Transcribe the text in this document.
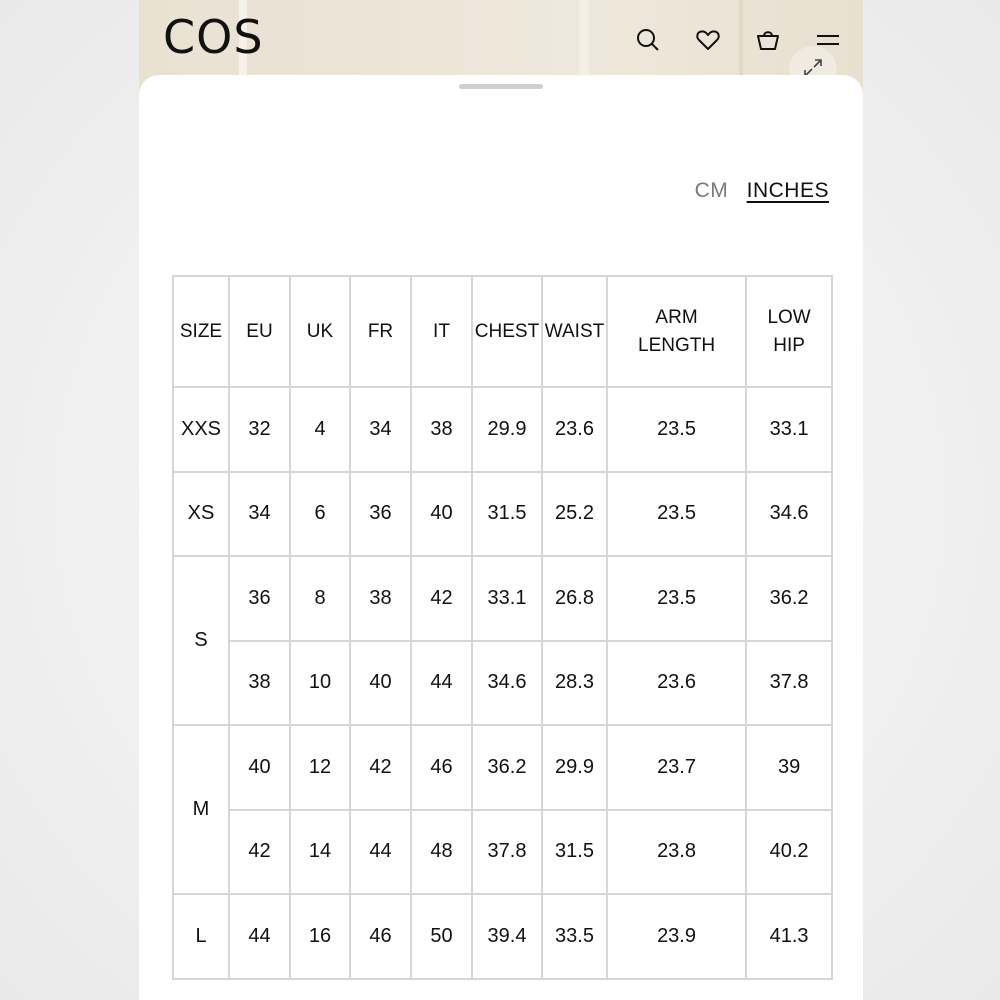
COS
CM INCHES
SIZE	EU	UK	FR	IT	CHEST	WAIST	ARM LENGTH	LOW HIP
XXS	32	4	34	38	29.9	23.6	23.5	33.1
XS	34	6	36	40	31.5	25.2	23.5	34.6
S	36	8	38	42	33.1	26.8	23.5	36.2
	38	10	40	44	34.6	28.3	23.6	37.8
M	40	12	42	46	36.2	29.9	23.7	39
	42	14	44	48	37.8	31.5	23.8	40.2
L	44	16	46	50	39.4	33.5	23.9	41.3
